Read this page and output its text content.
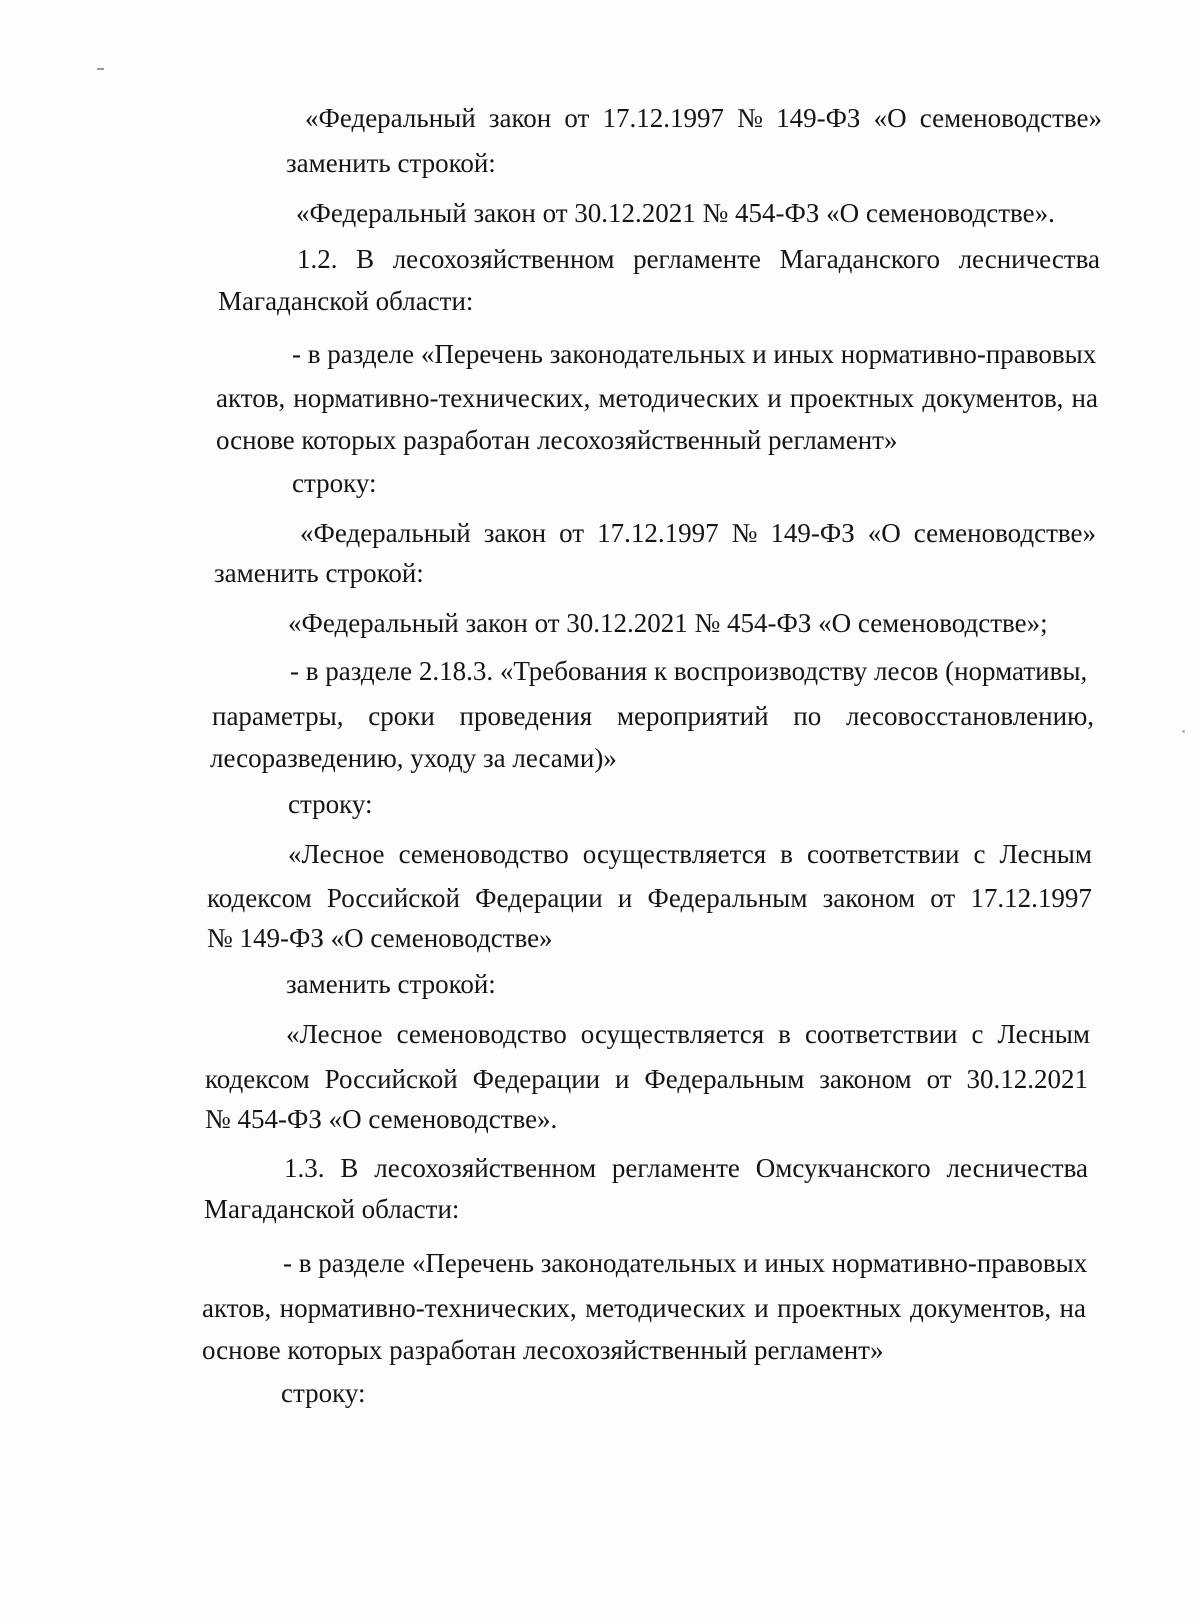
«Федеральный закон от 17.12.1997 № 149-ФЗ «О семеноводстве»
заменить строкой:
«Федеральный закон от 30.12.2021 № 454-ФЗ «О семеноводстве».
1.2. В лесохозяйственном регламенте Магаданского лесничества
Магаданской области:
- в разделе «Перечень законодательных и иных нормативно-правовых
актов, нормативно-технических, методических и проектных документов, на
основе которых разработан лесохозяйственный регламент»
строку:
«Федеральный закон от 17.12.1997 № 149-ФЗ «О семеноводстве»
заменить строкой:
«Федеральный закон от 30.12.2021 № 454-ФЗ «О семеноводстве»;
- в разделе 2.18.3. «Требования к воспроизводству лесов (нормативы,
параметры, сроки проведения мероприятий по лесовосстановлению,
лесоразведению, уходу за лесами)»
строку:
«Лесное семеноводство осуществляется в соответствии с Лесным
кодексом Российской Федерации и Федеральным законом от 17.12.1997
№ 149-ФЗ «О семеноводстве»
заменить строкой:
«Лесное семеноводство осуществляется в соответствии с Лесным
кодексом Российской Федерации и Федеральным законом от 30.12.2021
№ 454-ФЗ «О семеноводстве».
1.3. В лесохозяйственном регламенте Омсукчанского лесничества
Магаданской области:
- в разделе «Перечень законодательных и иных нормативно-правовых
актов, нормативно-технических, методических и проектных документов, на
основе которых разработан лесохозяйственный регламент»
строку:
